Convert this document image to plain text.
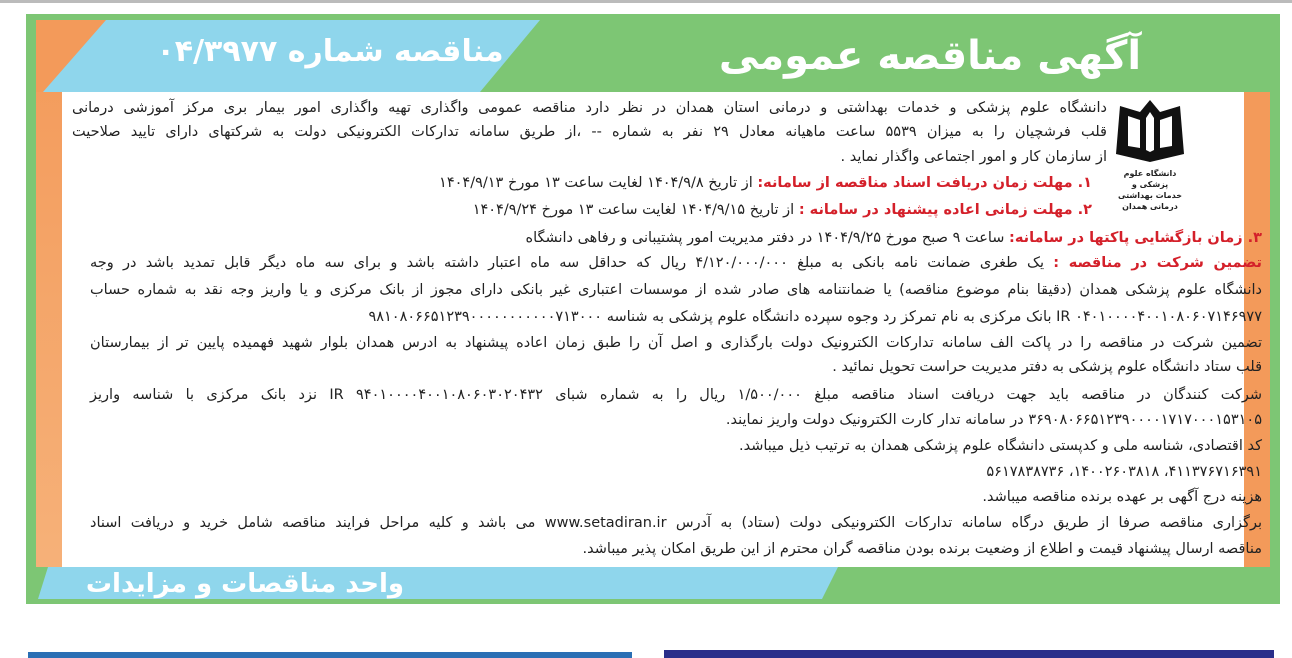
مناقصه شماره ۰۴/۳۹۷۷	آگهی مناقصه عمومی
دانشگاه علوم پزشکی و
خدمات بهداشتی درمانی همدان
دانشگاه علوم پزشکی و خدمات بهداشتی و درمانی استان همدان در نظر دارد مناقصه عمومی واگذاری تهیه واگذاری امور بیمار بری مرکز آموزشی درمانی
قلب فرشچیان را به میزان ۵۵۳۹ ساعت ماهیانه معادل ۲۹ نفر به شماره -- ،از طریق سامانه تدارکات الکترونیکی دولت به شرکتهای دارای تایید صلاحیت
از سازمان کار و امور اجتماعی واگذار نماید .
۱. مهلت زمان دریافت اسناد مناقصه از سامانه: از تاریخ ۱۴۰۴/۹/۸ لغایت ساعت ۱۳ مورخ ۱۴۰۴/۹/۱۳
۲. مهلت زمانی اعاده پیشنهاد در سامانه : از تاریخ ۱۴۰۴/۹/۱۵ لغایت ساعت ۱۳ مورخ ۱۴۰۴/۹/۲۴
۳. زمان بازگشایی پاکتها در سامانه: ساعت ۹ صبح مورخ ۱۴۰۴/۹/۲۵ در دفتر مدیریت امور پشتیبانی و رفاهی دانشگاه
تضمین شرکت در مناقصه : یک طغری ضمانت نامه بانکی به مبلغ ۴/۱۲۰/۰۰۰/۰۰۰ ریال که حداقل سه ماه اعتبار داشته باشد و برای سه ماه دیگر قابل تمدید باشد در وجه
دانشگاه علوم پزشکی همدان (دقیقا بنام موضوع مناقصه) یا ضمانتنامه های صادر شده از موسسات اعتباری غیر بانکی دارای مجوز از بانک مرکزی و یا واریز وجه نقد به شماره حساب
IR ۰۴۰۱۰۰۰۰۴۰۰۱۰۸۰۶۰۷۱۴۶۹۷۷ بانک مرکزی به نام تمرکز رد وجوه سپرده دانشگاه علوم پزشکی به شناسه ۹۸۱۰۸۰۶۶۵۱۲۳۹۰۰۰۰۰۰۰۰۰۰۰۷۱۳۰۰۰
تضمین شرکت در مناقصه را در پاکت الف سامانه تدارکات الکترونیک دولت بارگذاری و اصل آن را طبق زمان اعاده پیشنهاد به ادرس همدان بلوار شهید فهمیده پایین تر از بیمارستان
قلب ستاد دانشگاه علوم پزشکی به دفتر مدیریت حراست تحویل نمائید .
شرکت کنندگان در مناقصه باید جهت دریافت اسناد مناقصه مبلغ ۱/۵۰۰/۰۰۰ ریال را به شماره شبای IR ۹۴۰۱۰۰۰۰۴۰۰۱۰۸۰۶۰۳۰۲۰۴۳۲ نزد بانک مرکزی با شناسه واریز
۳۶۹۰۸۰۶۶۵۱۲۳۹۰۰۰۰۱۷۱۷۰۰۰۱۵۳۱۰۵ در سامانه تدار کارت الکترونیک دولت واریز نمایند.
کد اقتصادی، شناسه ملی و کدپستی دانشگاه علوم پزشکی همدان به ترتیب ذیل میباشد.
۴۱۱۳۷۶۷۱۶۳۹۱، ۱۴۰۰۲۶۰۳۸۱۸، ۵۶۱۷۸۳۸۷۳۶
هزینه درج آگهی بر عهده برنده مناقصه میباشد.
برگزاری مناقصه صرفا از طریق درگاه سامانه تدارکات الکترونیکی دولت (ستاد) به آدرس www.setadiran.ir می باشد و کلیه مراحل فرایند مناقصه شامل خرید و دریافت اسناد
مناقصه ارسال پیشنهاد قیمت و اطلاع از وضعیت برنده بودن مناقصه گران محترم از این طریق امکان پذیر میباشد.
واحد مناقصات و مزایدات
